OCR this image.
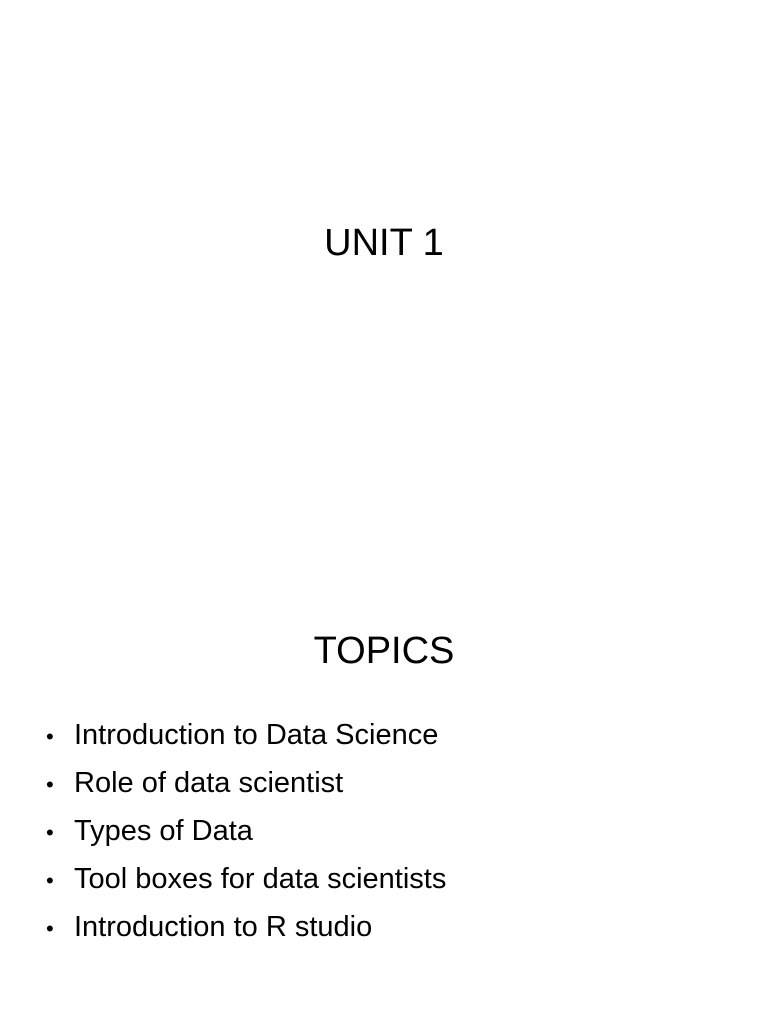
UNIT 1
TOPICS
• Introduction to Data Science
• Role of data scientist
• Types of Data
• Tool boxes for data scientists
• Introduction to R studio
